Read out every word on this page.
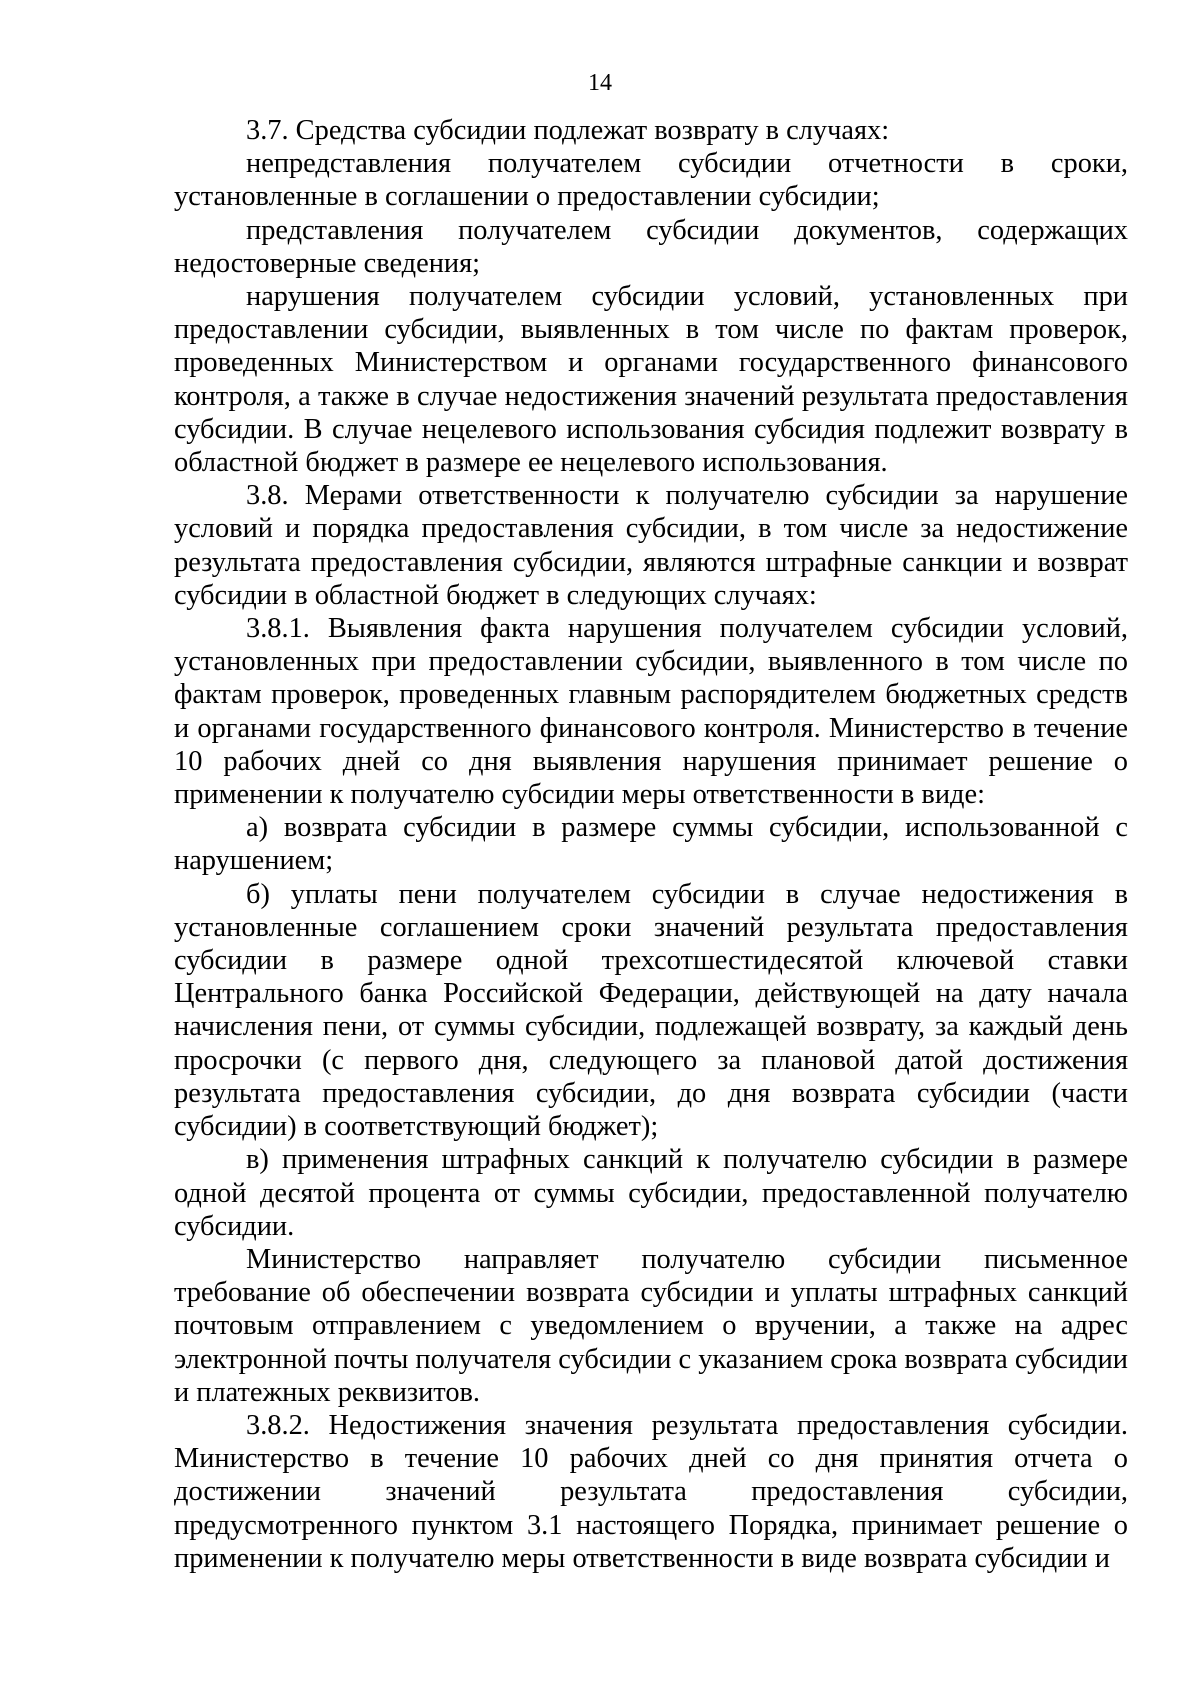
14

3.7. Средства субсидии подлежат возврату в случаях:

непредставления получателем субсидии отчетности в сроки, установленные в соглашении о предоставлении субсидии;

представления получателем субсидии документов, содержащих недостоверные сведения;

нарушения получателем субсидии условий, установленных при предоставлении субсидии, выявленных в том числе по фактам проверок, проведенных Министерством и органами государственного финансового контроля, а также в случае недостижения значений результата предоставления субсидии. В случае нецелевого использования субсидия подлежит возврату в областной бюджет в размере ее нецелевого использования.

3.8. Мерами ответственности к получателю субсидии за нарушение условий и порядка предоставления субсидии, в том числе за недостижение результата предоставления субсидии, являются штрафные санкции и возврат субсидии в областной бюджет в следующих случаях:

3.8.1. Выявления факта нарушения получателем субсидии условий, установленных при предоставлении субсидии, выявленного в том числе по фактам проверок, проведенных главным распорядителем бюджетных средств и органами государственного финансового контроля. Министерство в течение 10 рабочих дней со дня выявления нарушения принимает решение о применении к получателю субсидии меры ответственности в виде:

а) возврата субсидии в размере суммы субсидии, использованной с нарушением;

б) уплаты пени получателем субсидии в случае недостижения в установленные соглашением сроки значений результата предоставления субсидии в размере одной трехсотшестидесятой ключевой ставки Центрального банка Российской Федерации, действующей на дату начала начисления пени, от суммы субсидии, подлежащей возврату, за каждый день просрочки (с первого дня, следующего за плановой датой достижения результата предоставления субсидии, до дня возврата субсидии (части субсидии) в соответствующий бюджет);

в) применения штрафных санкций к получателю субсидии в размере одной десятой процента от суммы субсидии, предоставленной получателю субсидии.

Министерство направляет получателю субсидии письменное требование об обеспечении возврата субсидии и уплаты штрафных санкций почтовым отправлением с уведомлением о вручении, а также на адрес электронной почты получателя субсидии с указанием срока возврата субсидии и платежных реквизитов.

3.8.2. Недостижения значения результата предоставления субсидии. Министерство в течение 10 рабочих дней со дня принятия отчета о достижении значений результата предоставления субсидии, предусмотренного пунктом 3.1 настоящего Порядка, принимает решение о применении к получателю меры ответственности в виде возврата субсидии и
